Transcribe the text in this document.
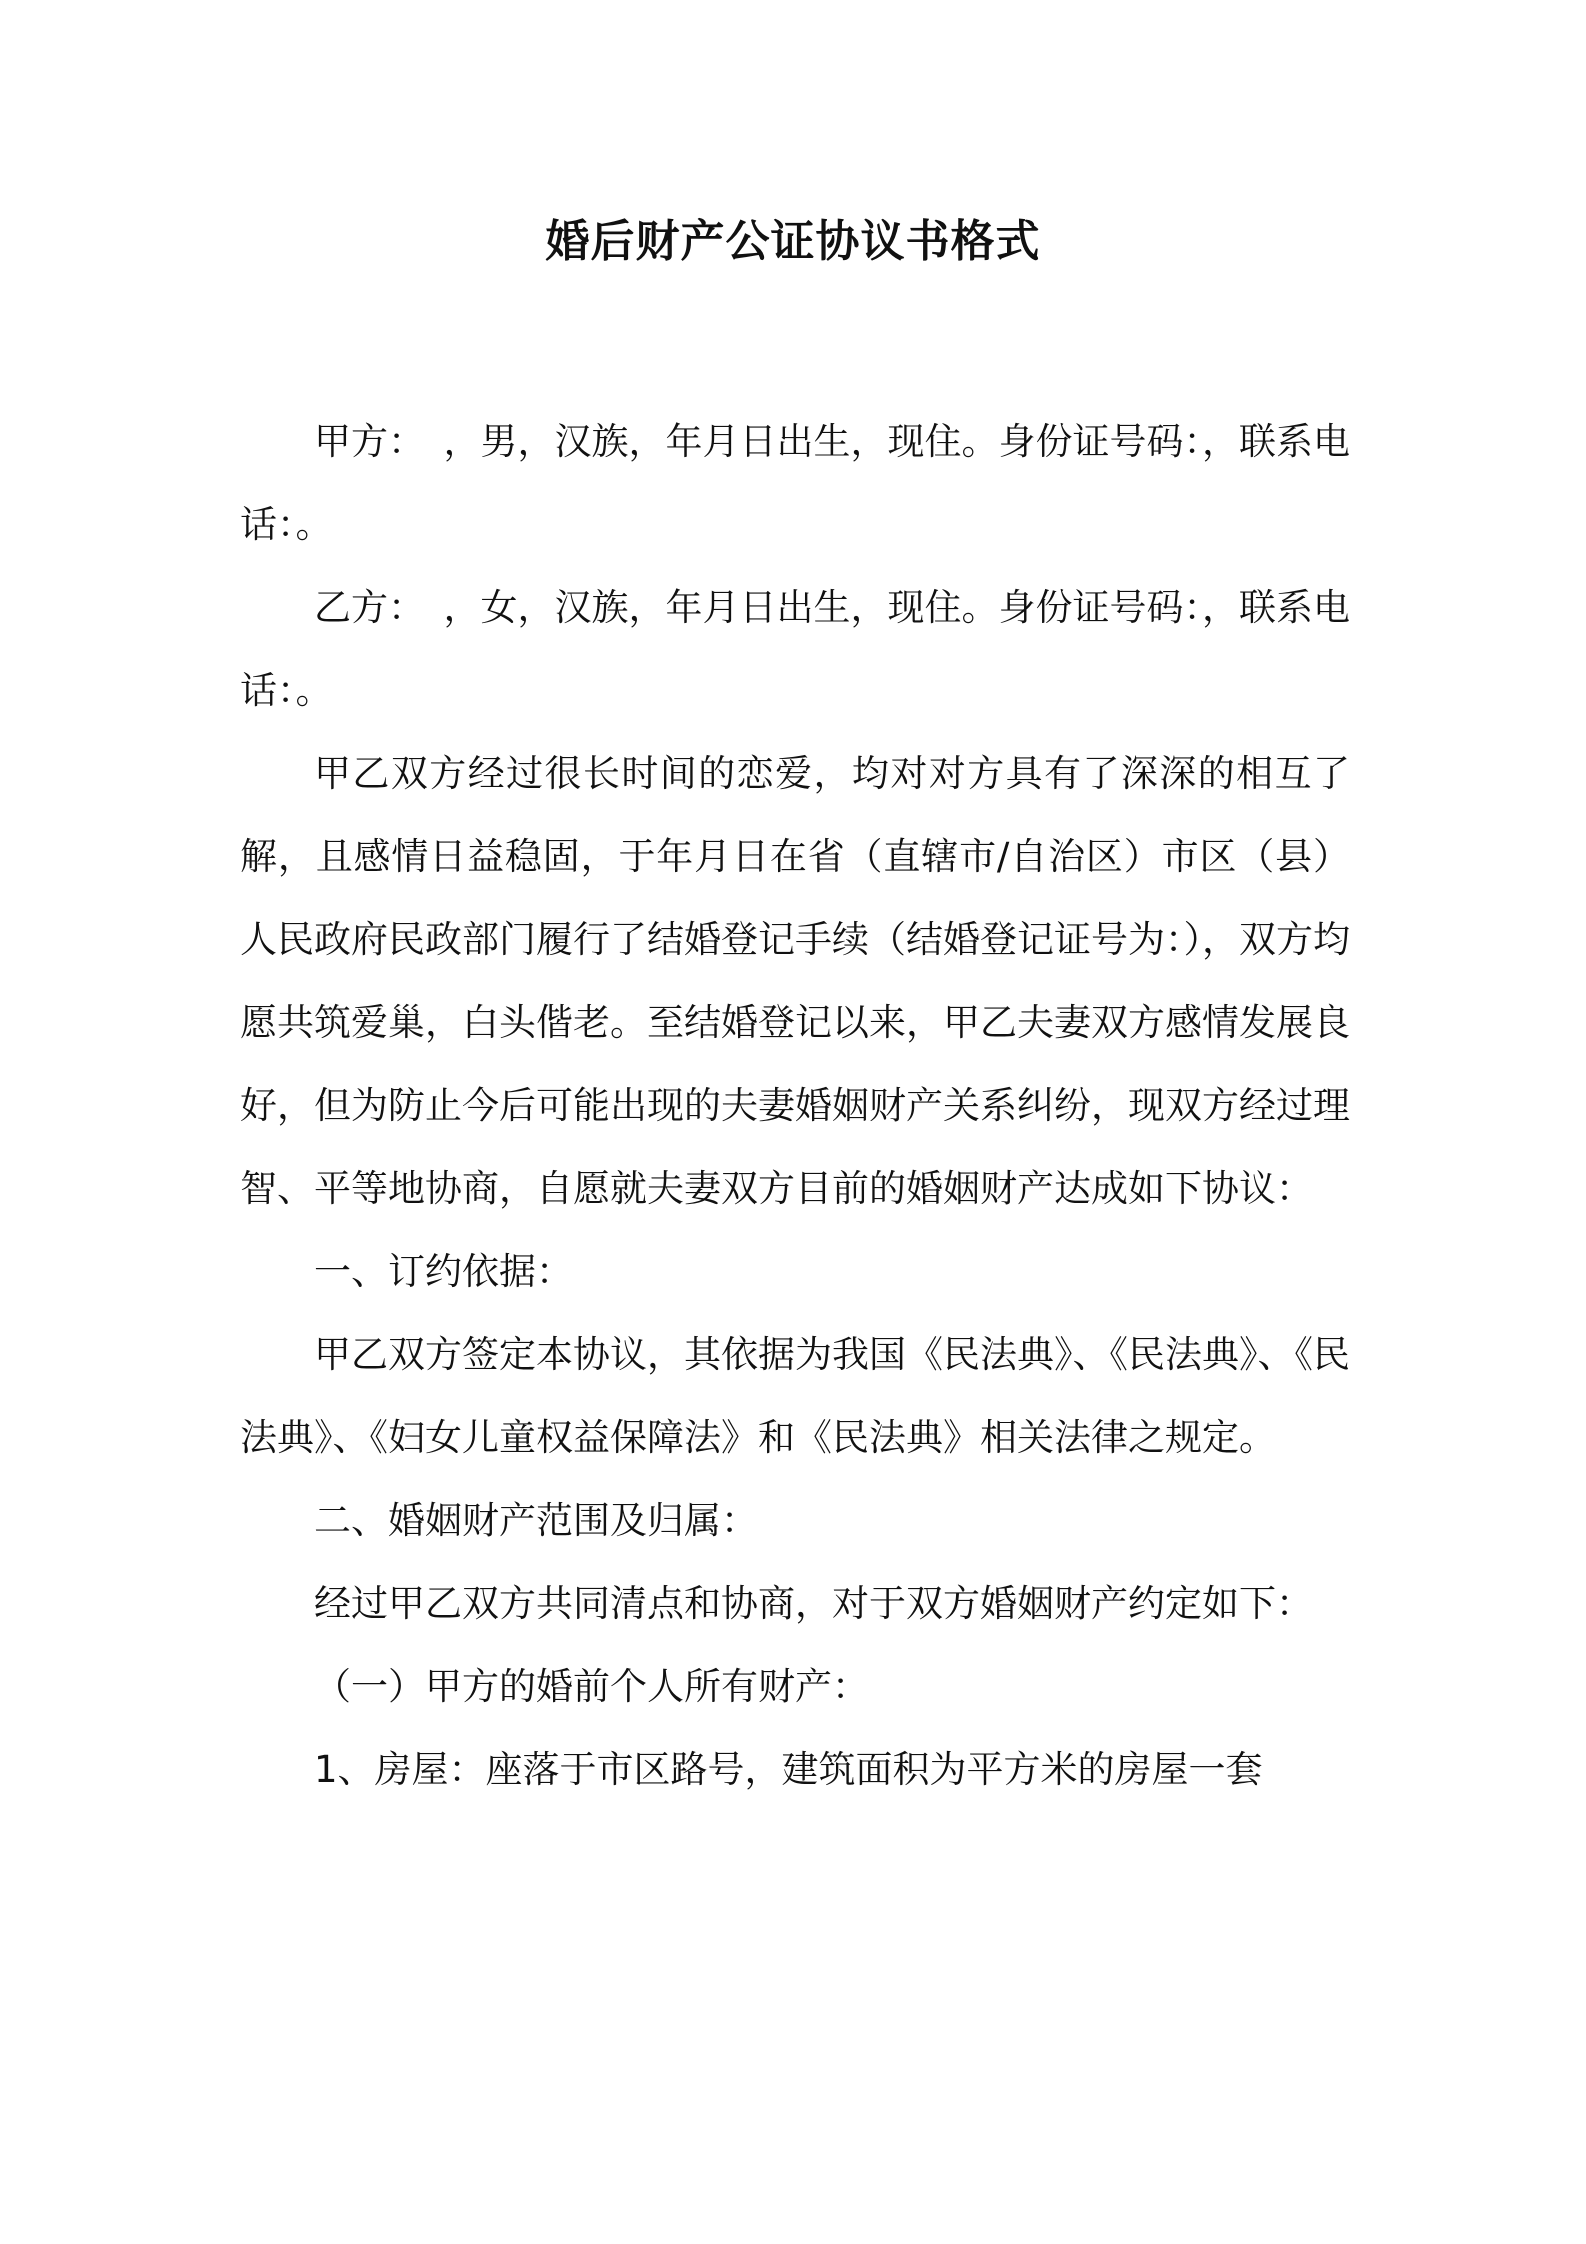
婚后财产公证协议书格式

甲方：　，男，汉族，年月日出生，现住。身份证号码：，联系电话：。

乙方：　，女，汉族，年月日出生，现住。身份证号码：，联系电话：。

甲乙双方经过很长时间的恋爱，均对对方具有了深深的相互了解，且感情日益稳固，于年月日在省（直辖市/自治区）市区（县）人民政府民政部门履行了结婚登记手续（结婚登记证号为：），双方均愿共筑爱巢，白头偕老。至结婚登记以来，甲乙夫妻双方感情发展良好，但为防止今后可能出现的夫妻婚姻财产关系纠纷，现双方经过理智、平等地协商，自愿就夫妻双方目前的婚姻财产达成如下协议：

一、订约依据：

甲乙双方签定本协议，其依据为我国《民法典》、《民法典》、《民法典》、《妇女儿童权益保障法》和《民法典》相关法律之规定。

二、婚姻财产范围及归属：

经过甲乙双方共同清点和协商，对于双方婚姻财产约定如下：

（一）甲方的婚前个人所有财产：

1、房屋：座落于市区路号，建筑面积为平方米的房屋一套
